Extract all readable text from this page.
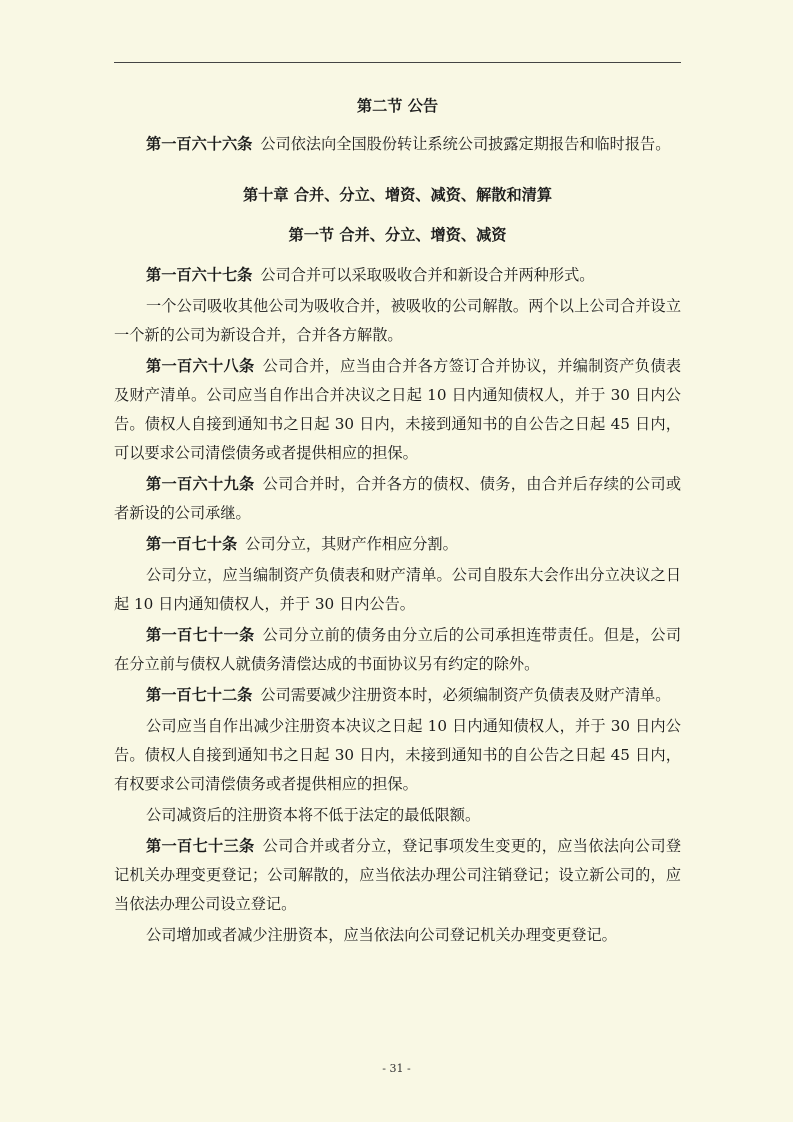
第二节 公告

第一百六十六条 公司依法向全国股份转让系统公司披露定期报告和临时报告。

第十章 合并、分立、增资、减资、解散和清算
第一节 合并、分立、增资、减资

第一百六十七条 公司合并可以采取吸收合并和新设合并两种形式。

一个公司吸收其他公司为吸收合并，被吸收的公司解散。两个以上公司合并设立一个新的公司为新设合并，合并各方解散。

第一百六十八条 公司合并，应当由合并各方签订合并协议，并编制资产负债表及财产清单。公司应当自作出合并决议之日起 10 日内通知债权人，并于 30 日内公告。债权人自接到通知书之日起 30 日内，未接到通知书的自公告之日起 45 日内，可以要求公司清偿债务或者提供相应的担保。

第一百六十九条 公司合并时，合并各方的债权、债务，由合并后存续的公司或者新设的公司承继。

第一百七十条 公司分立，其财产作相应分割。

公司分立，应当编制资产负债表和财产清单。公司自股东大会作出分立决议之日起 10 日内通知债权人，并于 30 日内公告。

第一百七十一条 公司分立前的债务由分立后的公司承担连带责任。但是，公司在分立前与债权人就债务清偿达成的书面协议另有约定的除外。

第一百七十二条 公司需要减少注册资本时，必须编制资产负债表及财产清单。

公司应当自作出减少注册资本决议之日起 10 日内通知债权人，并于 30 日内公告。债权人自接到通知书之日起 30 日内，未接到通知书的自公告之日起 45 日内，有权要求公司清偿债务或者提供相应的担保。

公司减资后的注册资本将不低于法定的最低限额。

第一百七十三条 公司合并或者分立，登记事项发生变更的，应当依法向公司登记机关办理变更登记；公司解散的，应当依法办理公司注销登记；设立新公司的，应当依法办理公司设立登记。

公司增加或者减少注册资本，应当依法向公司登记机关办理变更登记。

- 31 -
